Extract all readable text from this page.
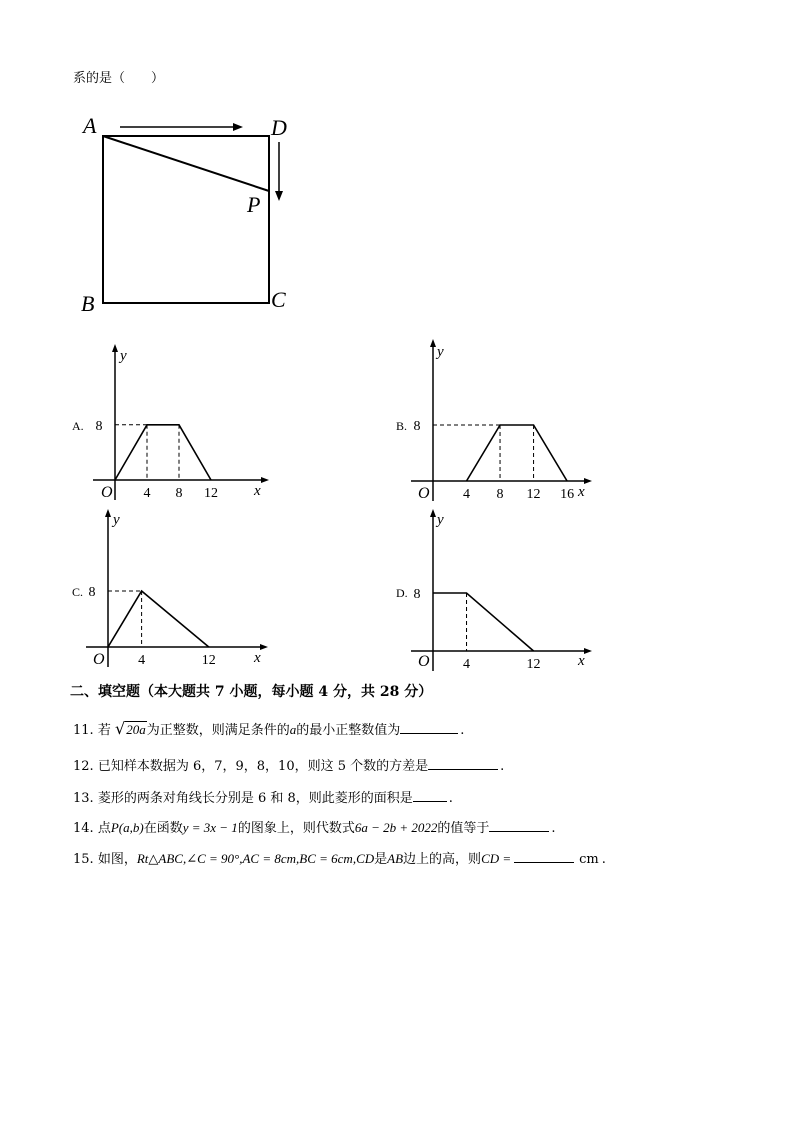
系的是（　　）
A	D
P
B	C
A.
y
x
O
8
4 8 12
B.
y
x
O
8
4 8 12 16
C.
y
x
O
8
4	12
D.
y
x
O
8
4	12
二、填空题（本大题共 7 小题，每小题 4 分，共 28 分）
11. 若 √20a为正整数，则满足条件的a的最小正整数值为	.
12. 已知样本数据为 6，7，9，8，10，则这 5 个数的方差是	.
13. 菱形的两条对角线长分别是 6 和 8，则此菱形的面积是	.
14. 点P(a,b)在函数y = 3x − 1的图象上，则代数式6a − 2b + 2022的值等于	.
15. 如图，Rt△ABC,∠C = 90°,AC = 8cm,BC = 6cm,CD是AB边上的高，则CD =	cm .
